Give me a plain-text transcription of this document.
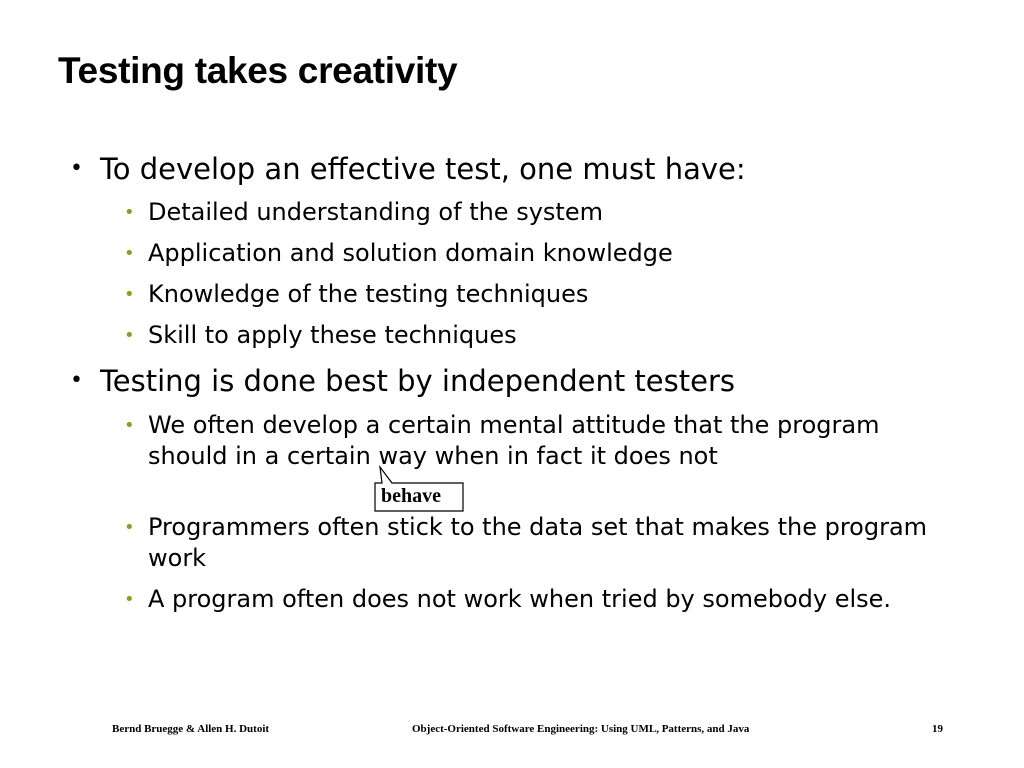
Testing takes creativity
• To develop an effective test, one must have:
• Detailed understanding of the system
• Application and solution domain knowledge
• Knowledge of the testing techniques
• Skill to apply these techniques
• Testing is done best by independent testers
• We often develop a certain mental attitude that the program should in a certain way when in fact it does not
• Programmers often stick to the data set that makes the program work
• A program often does not work when tried by somebody else.
behave
Bernd Bruegge & Allen H. Dutoit	Object-Oriented Software Engineering: Using UML, Patterns, and Java	19
